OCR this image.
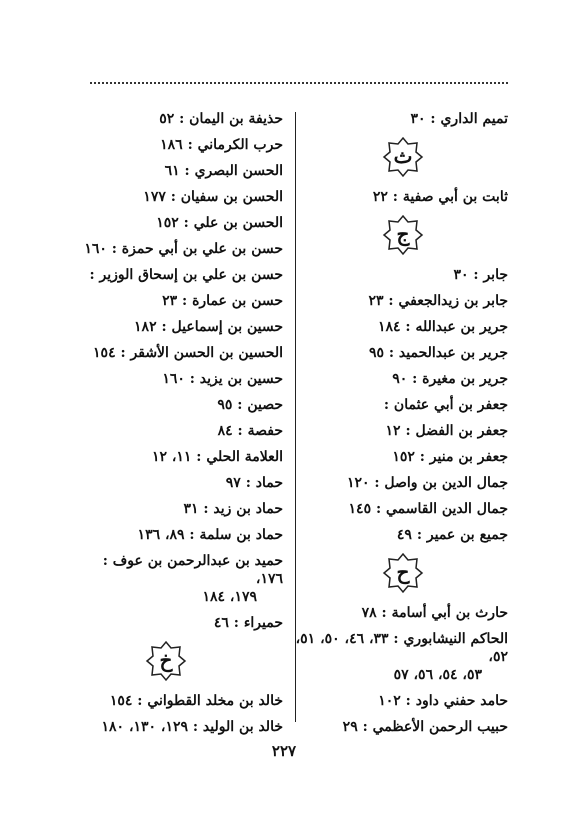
تميم الداري : ٣٠
ث
ثابت بن أبي صفية : ٢٢
ج
جابر : ٣٠
جابر بن زيدالجعفي : ٢٣
جرير بن عبدالله : ١٨٤
جرير بن عبدالحميد : ٩٥
جرير بن مغيرة : ٩٠
جعفر بن أبي عثمان :
جعفر بن الفضل : ١٢
جعفر بن منير : ١٥٢
جمال الدين بن واصل : ١٢٠
جمال الدين القاسمي : ١٤٥
جميع بن عمير : ٤٩
ح
حارث بن أبي أسامة : ٧٨
الحاكم النيشابوري : ٣٣، ٤٦، ٥٠، ٥١، ٥٢،
٥٣، ٥٤، ٥٦، ٥٧
حامد حفني داود : ١٠٢
حبيب الرحمن الأعظمي : ٢٩
حذيفة بن اليمان : ٥٢
حرب الكرماني : ١٨٦
الحسن البصري : ٦١
الحسن بن سفيان : ١٧٧
الحسن بن علي : ١٥٢
حسن بن علي بن أبي حمزة : ١٦٠
حسن بن علي بن إسحاق الوزير :
حسن بن عمارة : ٢٣
حسين بن إسماعيل : ١٨٢
الحسين بن الحسن الأشقر : ١٥٤
حسين بن يزيد : ١٦٠
حصين : ٩٥
حفصة : ٨٤
العلامة الحلي : ١١، ١٢
حماد : ٩٧
حماد بن زيد : ٣١
حماد بن سلمة : ٨٩، ١٣٦
حميد بن عبدالرحمن بن عوف : ١٧٦،
١٧٩، ١٨٤
حميراء : ٤٦
خ
خالد بن مخلد القطواني : ١٥٤
خالد بن الوليد : ١٢٩، ١٣٠، ١٨٠
٢٢٧
